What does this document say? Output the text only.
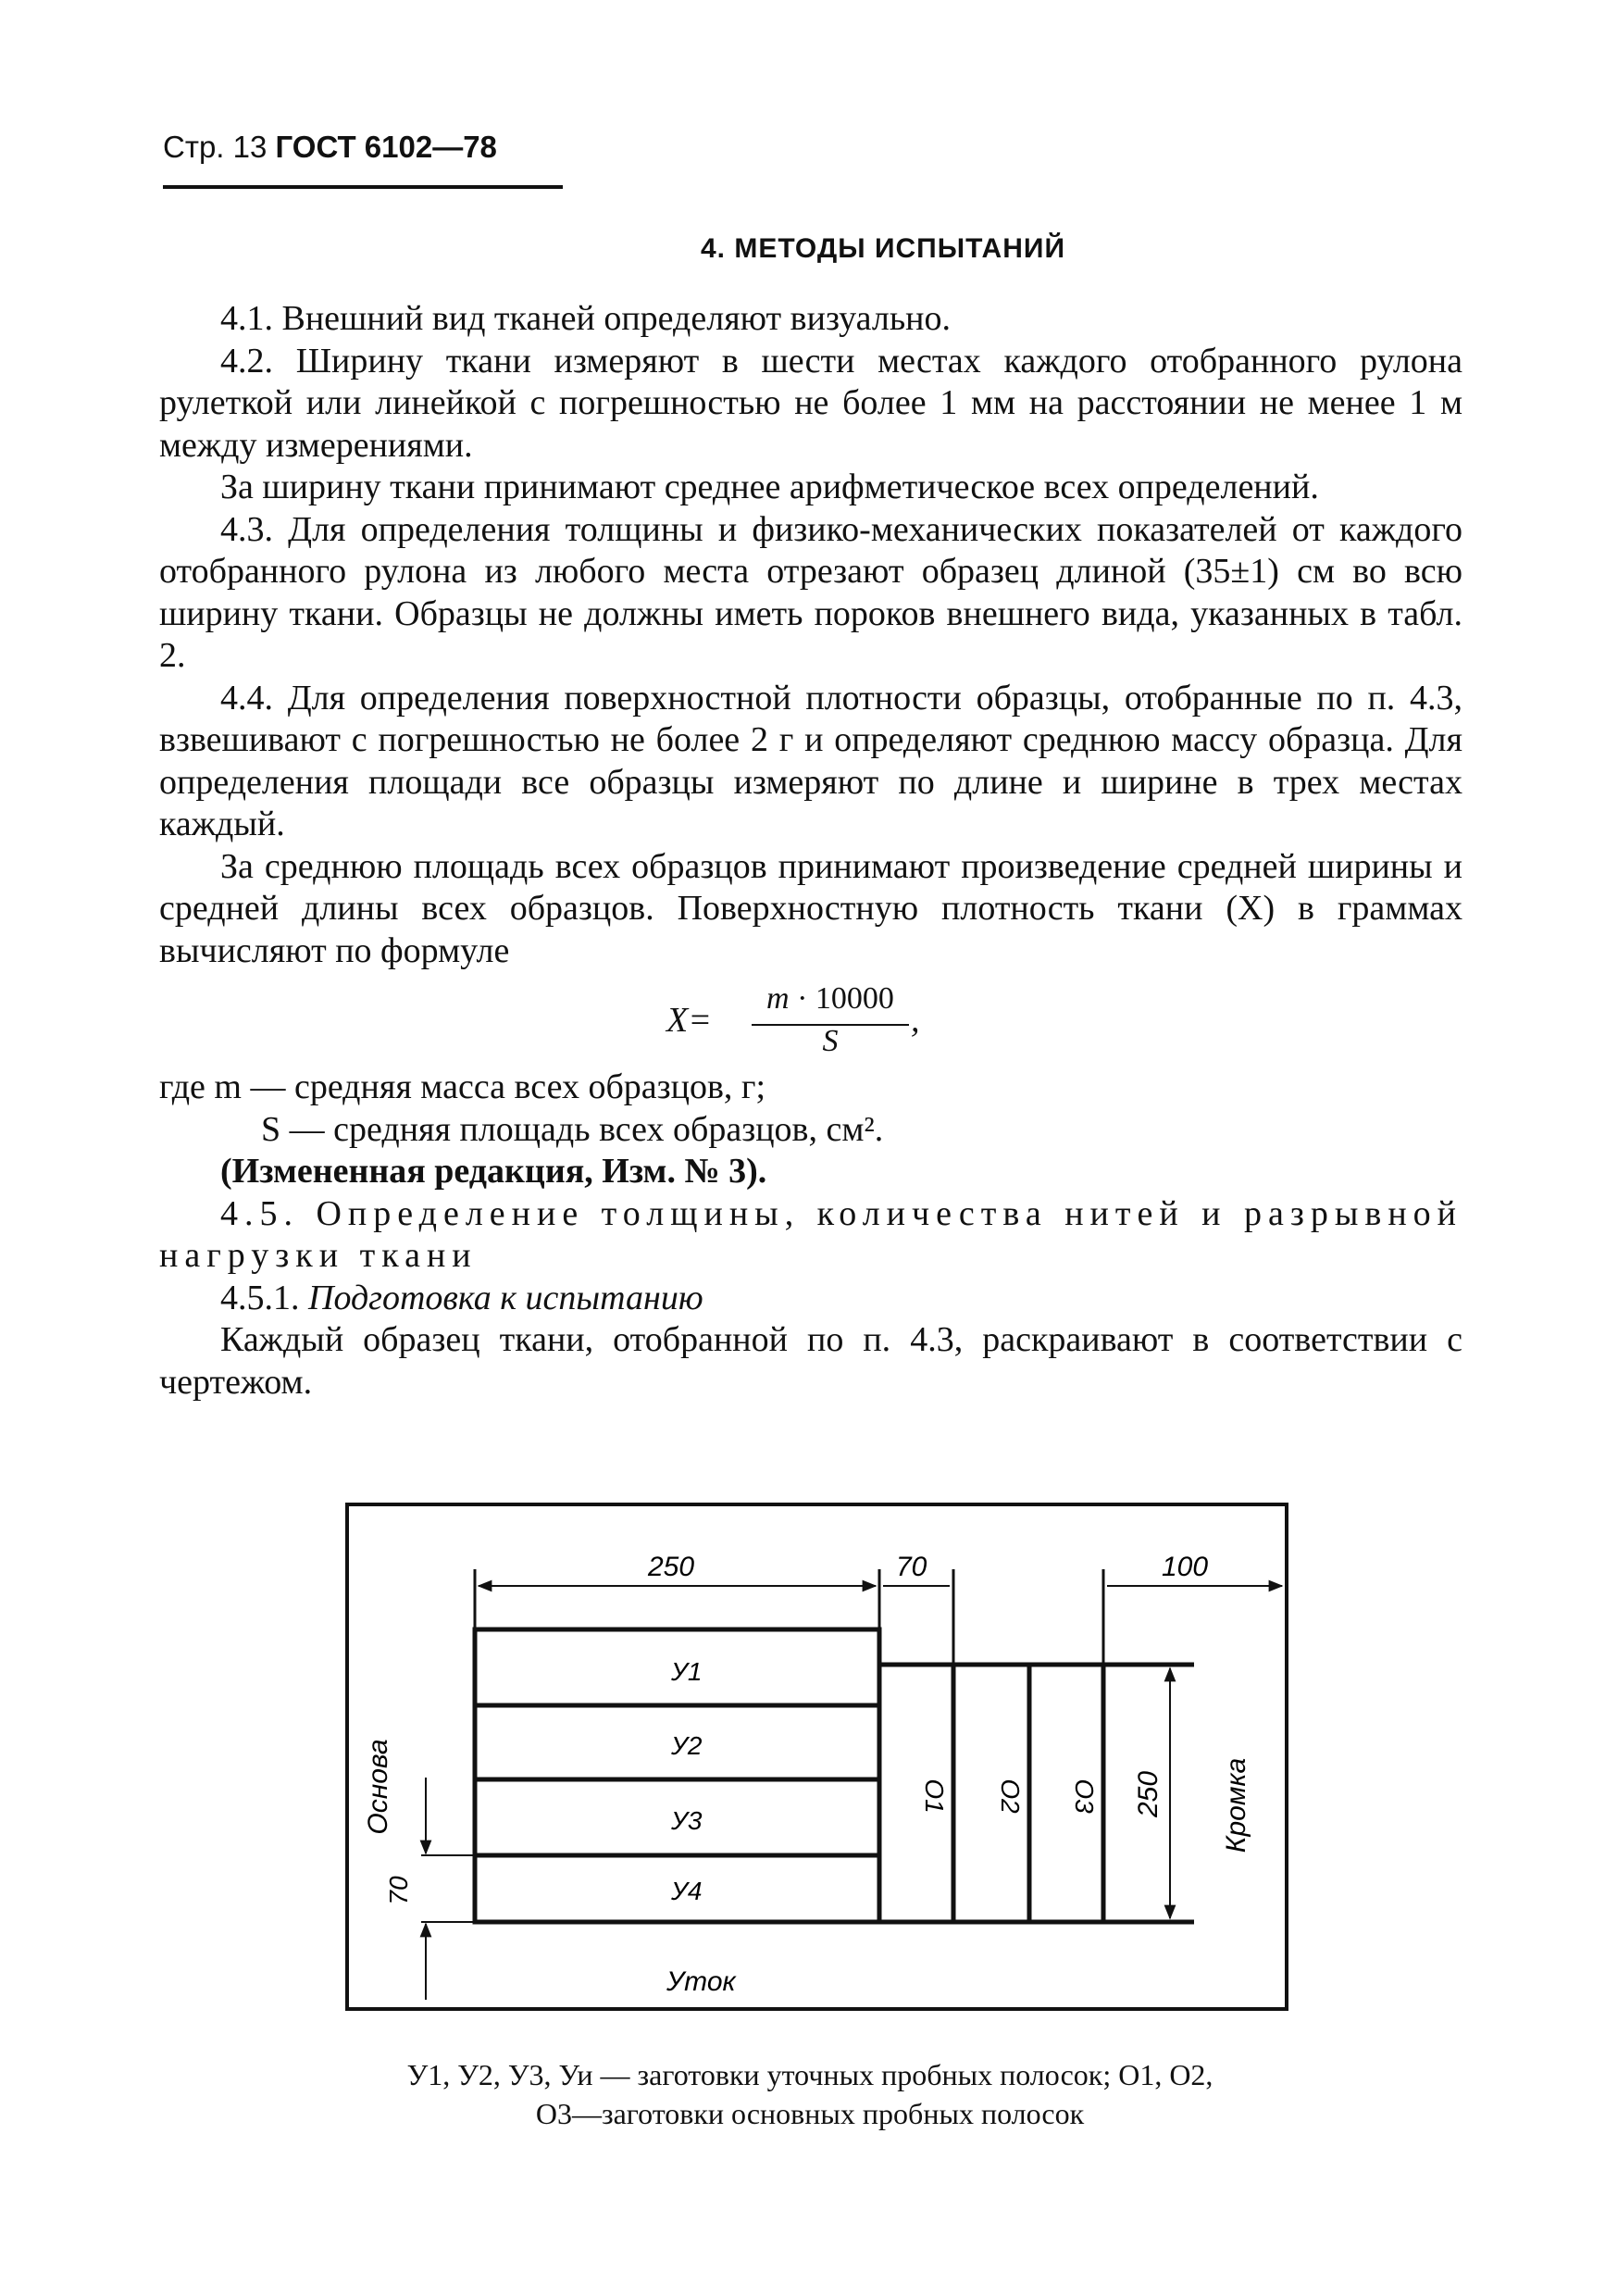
Стр. 13 ГОСТ 6102—78
4. МЕТОДЫ ИСПЫТАНИЙ

4.1. Внешний вид тканей определяют визуально.

4.2. Ширину ткани измеряют в шести местах каждого отобранного рулона рулеткой или линейкой с погрешностью не более 1 мм на расстоянии не менее 1 м между измерениями.

За ширину ткани принимают среднее арифметическое всех определений.

4.3. Для определения толщины и физико-механических показателей от каждого отобранного рулона из любого места отрезают образец длиной (35±1) см во всю ширину ткани. Образцы не должны иметь пороков внешнего вида, указанных в табл. 2.

4.4. Для определения поверхностной плотности образцы, отобранные по п. 4.3, взвешивают с погрешностью не более 2 г и определяют среднюю массу образца. Для определения площади все образцы измеряют по длине и ширине в трех местах каждый.

За среднюю площадь всех образцов принимают произведение средней ширины и средней длины всех образцов. Поверхностную плотность ткани (X) в граммах вычисляют по формуле

X=
m · 10000
S
,

где m — средняя масса всех образцов, г;

S — средняя площадь всех образцов, см².

(Измененная редакция, Изм. № 3).

4.5. Определение толщины, количества нитей и разрывной нагрузки ткани

4.5.1. Подготовка к испытанию

Каждый образец ткани, отобранной по п. 4.3, раскраивают в соответствии с чертежом.

250	70	100
250
70
У1
У2
У3
У4
О1 О2 О3
Основа	Кромка
Уток
У1, У2, У3, Уи — заготовки уточных пробных полосок; О1, О2,
О3—заготовки основных пробных полосок
